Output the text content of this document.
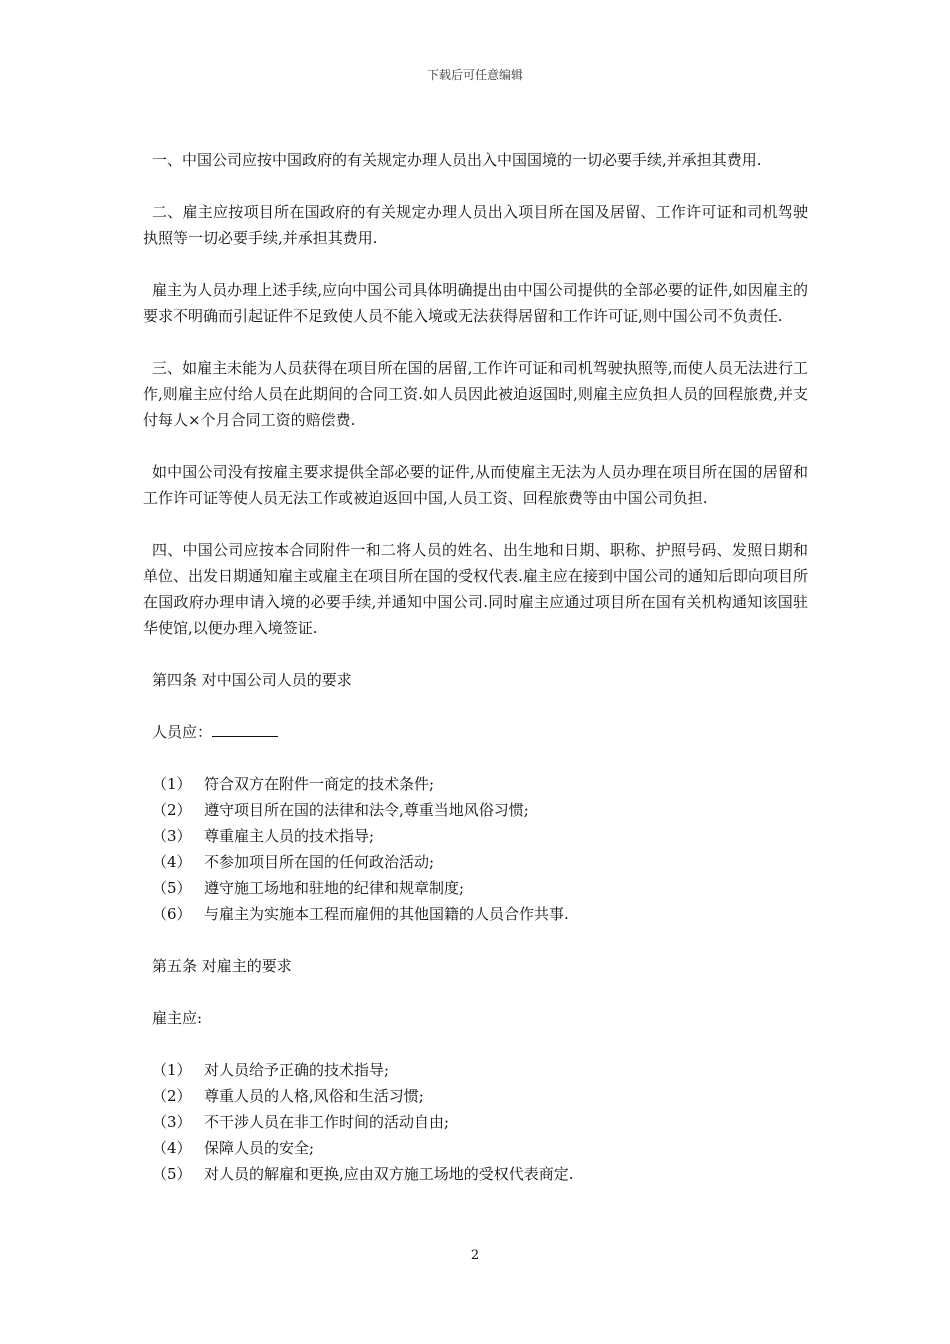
下载后可任意编辑

一、中国公司应按中国政府的有关规定办理人员出入中国国境的一切必要手续,并承担其费用.

二、雇主应按项目所在国政府的有关规定办理人员出入项目所在国及居留、工作许可证和司机驾驶执照等一切必要手续,并承担其费用.

雇主为人员办理上述手续,应向中国公司具体明确提出由中国公司提供的全部必要的证件,如因雇主的要求不明确而引起证件不足致使人员不能入境或无法获得居留和工作许可证,则中国公司不负责任.

三、如雇主未能为人员获得在项目所在国的居留,工作许可证和司机驾驶执照等,而使人员无法进行工作,则雇主应付给人员在此期间的合同工资.如人员因此被迫返国时,则雇主应负担人员的回程旅费,并支付每人×个月合同工资的赔偿费.

如中国公司没有按雇主要求提供全部必要的证件,从而使雇主无法为人员办理在项目所在国的居留和工作许可证等使人员无法工作或被迫返回中国,人员工资、回程旅费等由中国公司负担.

四、中国公司应按本合同附件一和二将人员的姓名、出生地和日期、职称、护照号码、发照日期和单位、出发日期通知雇主或雇主在项目所在国的受权代表.雇主应在接到中国公司的通知后即向项目所在国政府办理申请入境的必要手续,并通知中国公司.同时雇主应通过项目所在国有关机构通知该国驻华使馆,以便办理入境签证.

第四条 对中国公司人员的要求
人员应：
（1） 符合双方在附件一商定的技术条件;
（2） 遵守项目所在国的法律和法令,尊重当地风俗习惯;
（3） 尊重雇主人员的技术指导;
（4） 不参加项目所在国的任何政治活动;
（5） 遵守施工场地和驻地的纪律和规章制度;
（6） 与雇主为实施本工程而雇佣的其他国籍的人员合作共事.
第五条 对雇主的要求
雇主应:
（1） 对人员给予正确的技术指导;
（2） 尊重人员的人格,风俗和生活习惯;
（3） 不干涉人员在非工作时间的活动自由;
（4） 保障人员的安全;
（5） 对人员的解雇和更换,应由双方施工场地的受权代表商定.
2
